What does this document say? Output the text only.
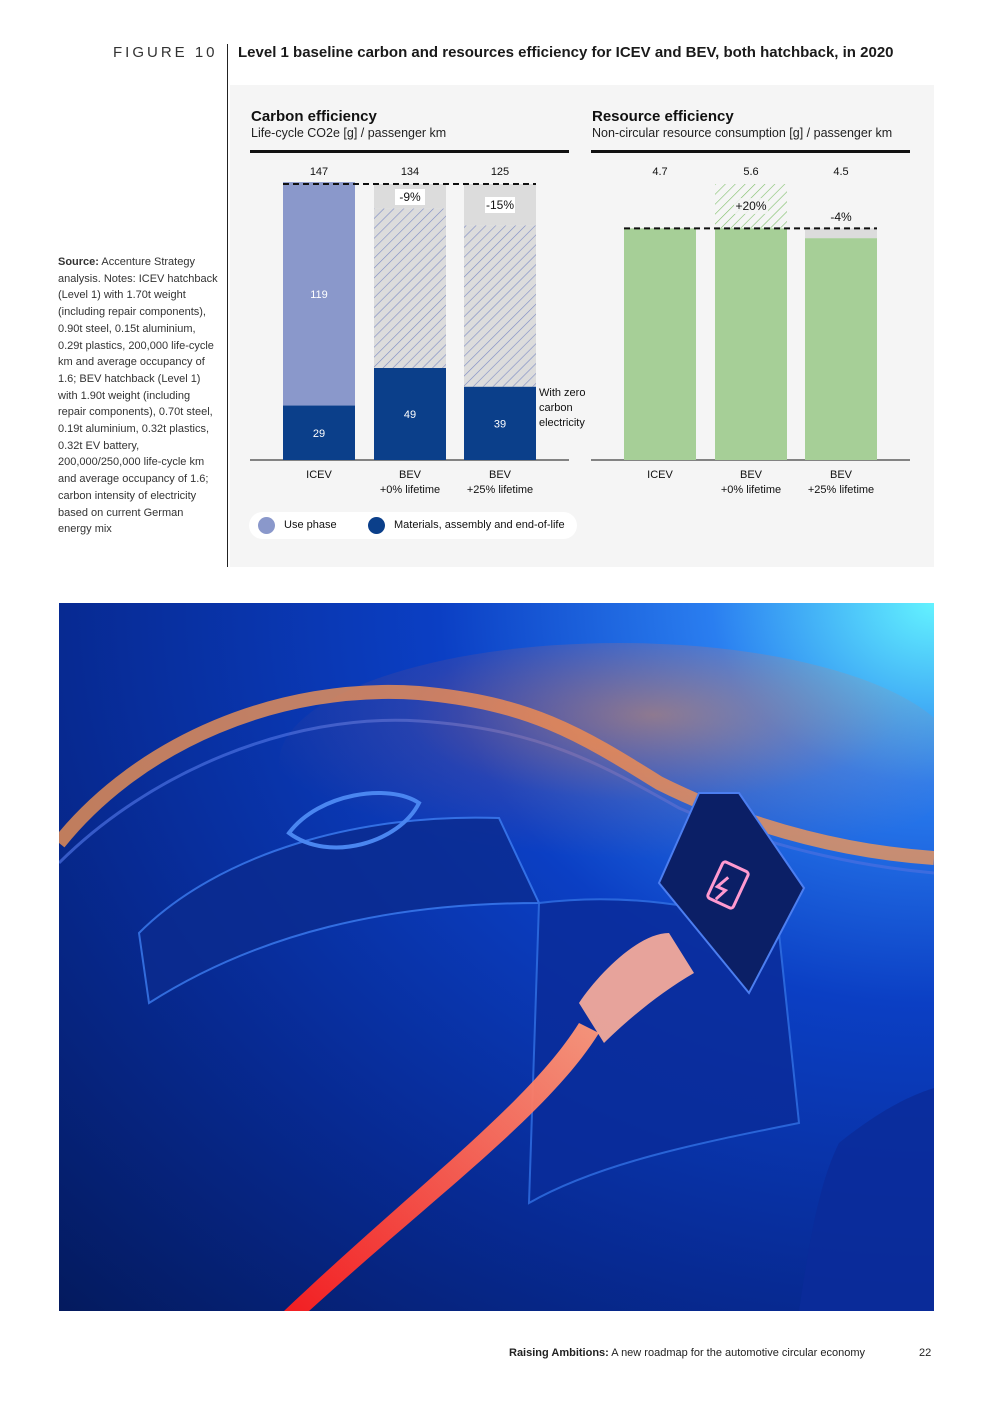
FIGURE 10 Level 1 baseline carbon and resources efficiency for ICEV and BEV, both hatchback, in 2020
Source: Accenture Strategy analysis. Notes: ICEV hatchback (Level 1) with 1.70t weight (including repair components), 0.90t steel, 0.15t aluminium, 0.29t plastics, 200,000 life-cycle km and average occupancy of 1.6; BEV hatchback (Level 1) with 1.90t weight (including repair components), 0.70t steel, 0.19t aluminium, 0.32t plastics, 0.32t EV battery, 200,000/250,000 life-cycle km and average occupancy of 1.6; carbon intensity of electricity based on current German energy mix
Carbon efficiency
Life-cycle CO2e [g] / passenger km
ICEV	BEV
+0% lifetime
BEV
+25% lifetime
29
119
147
49
134
-9%
39
125
-15%
With zero carbon electricity
Resource efficiency
Non-circular resource consumption [g] / passenger km
ICEV	BEV
+0% lifetime
BEV
+25% lifetime
4.7	5.6
+20%
4.5
-4%
Use phase	Materials, assembly and end-of-life
Raising Ambitions: A new roadmap for the automotive circular economy	22
